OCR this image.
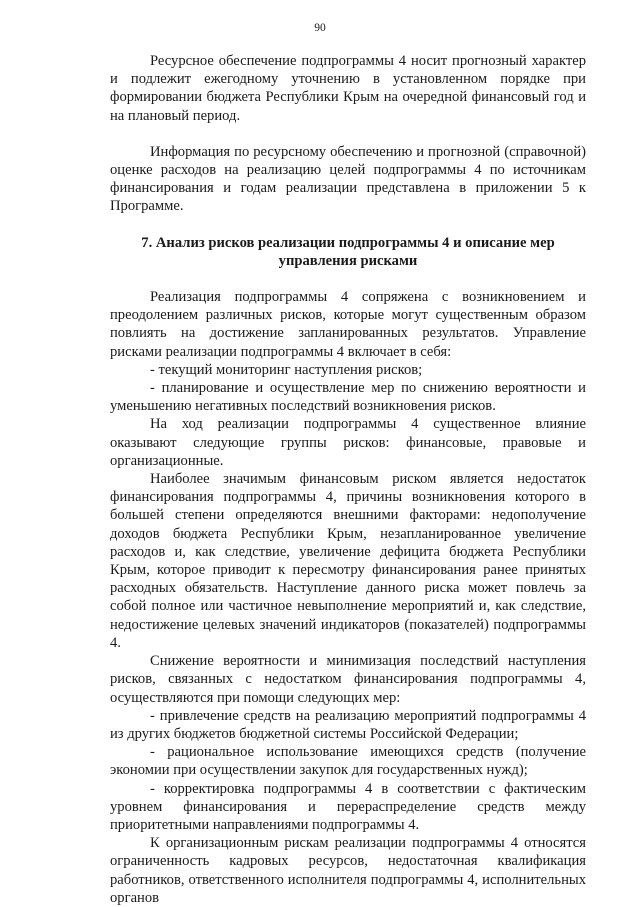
90

Ресурсное обеспечение подпрограммы 4 носит прогнозный характер и подлежит ежегодному уточнению в установленном порядке при формировании бюджета Республики Крым на очередной финансовый год и на плановый период.

Информация по ресурсному обеспечению и прогнозной (справочной) оценке расходов на реализацию целей подпрограммы 4 по источникам финансирования и годам реализации представлена в приложении 5 к Программе.

7. Анализ рисков реализации подпрограммы 4 и описание мер
управления рисками

Реализация подпрограммы 4 сопряжена с возникновением и преодолением различных рисков, которые могут существенным образом повлиять на достижение запланированных результатов. Управление рисками реализации подпрограммы 4 включает в себя:

- текущий мониторинг наступления рисков;

- планирование и осуществление мер по снижению вероятности и уменьшению негативных последствий возникновения рисков.

На ход реализации подпрограммы 4 существенное влияние оказывают следующие группы рисков: финансовые, правовые и организационные.

Наиболее значимым финансовым риском является недостаток финансирования подпрограммы 4, причины возникновения которого в большей степени определяются внешними факторами: недополучение доходов бюджета Республики Крым, незапланированное увеличение расходов и, как следствие, увеличение дефицита бюджета Республики Крым, которое приводит к пересмотру финансирования ранее принятых расходных обязательств. Наступление данного риска может повлечь за собой полное или частичное невыполнение мероприятий и, как следствие, недостижение целевых значений индикаторов (показателей) подпрограммы 4.

Снижение вероятности и минимизация последствий наступления рисков, связанных с недостатком финансирования подпрограммы 4, осуществляются при помощи следующих мер:

- привлечение средств на реализацию мероприятий подпрограммы 4 из других бюджетов бюджетной системы Российской Федерации;

- рациональное использование имеющихся средств (получение экономии при осуществлении закупок для государственных нужд);

- корректировка подпрограммы 4 в соответствии с фактическим уровнем финансирования и перераспределение средств между приоритетными направлениями подпрограммы 4.

К организационным рискам реализации подпрограммы 4 относятся ограниченность кадровых ресурсов, недостаточная квалификация работников, ответственного исполнителя подпрограммы 4, исполнительных органов
